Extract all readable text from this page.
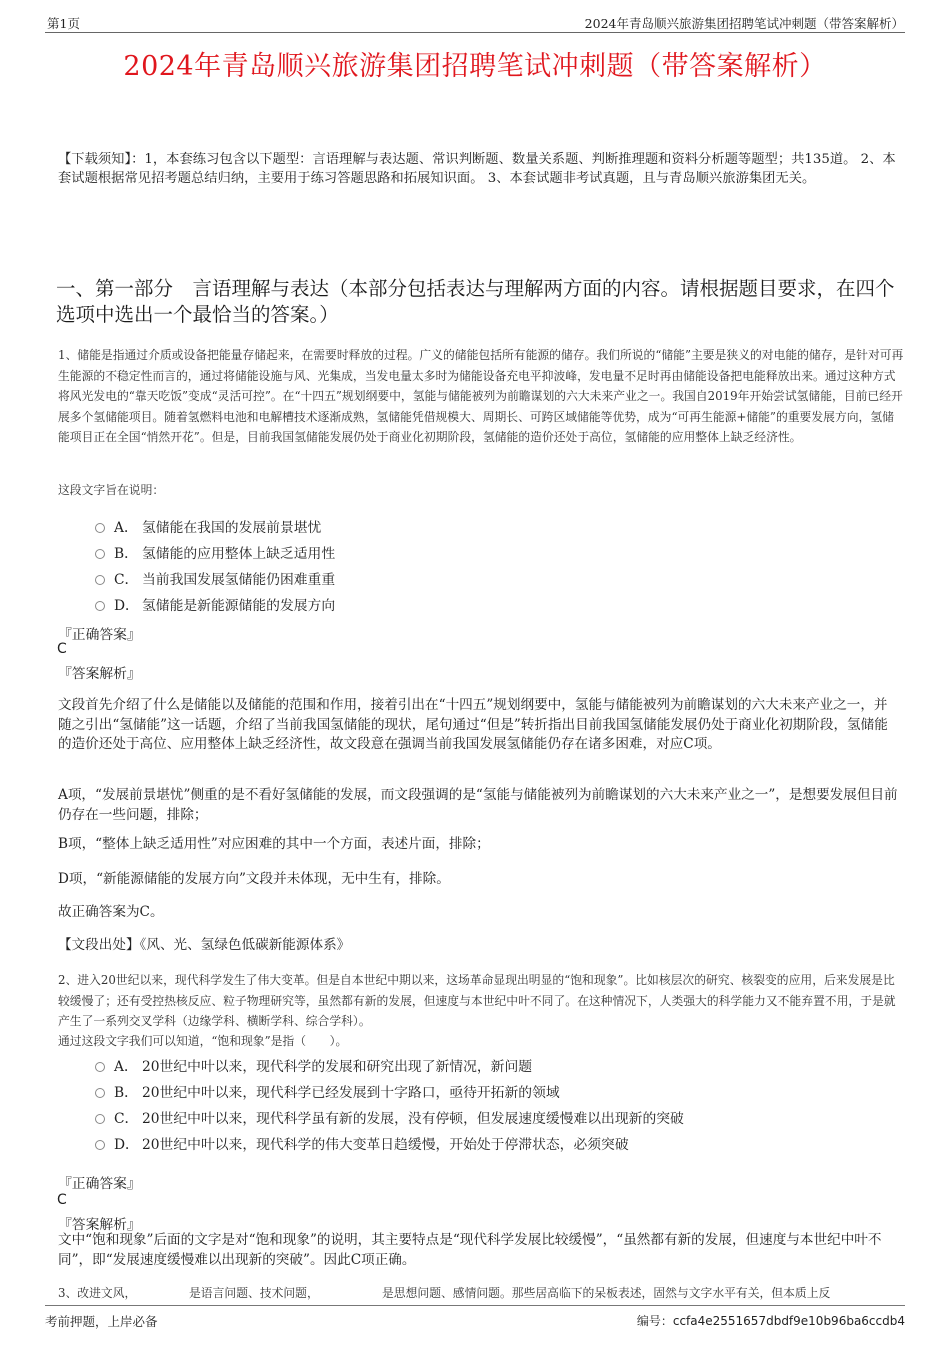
第1页	2024年青岛顺兴旅游集团招聘笔试冲刺题（带答案解析）
2024年青岛顺兴旅游集团招聘笔试冲刺题（带答案解析）
【下载须知】：1，本套练习包含以下题型：言语理解与表达题、常识判断题、数量关系题、判断推理题和资料分析题等题型；共135道。 2、本套试题根据常见招考题总结归纳，主要用于练习答题思路和拓展知识面。 3、本套试题非考试真题，且与青岛顺兴旅游集团无关。
一、第一部分　言语理解与表达（本部分包括表达与理解两方面的内容。请根据题目要求，在四个选项中选出一个最恰当的答案。）
1、储能是指通过介质或设备把能量存储起来，在需要时释放的过程。广义的储能包括所有能源的储存。我们所说的“储能”主要是狭义的对电能的储存，是针对可再生能源的不稳定性而言的，通过将储能设施与风、光集成，当发电量太多时为储能设备充电平抑波峰，发电量不足时再由储能设备把电能释放出来。通过这种方式将风光发电的“靠天吃饭”变成“灵活可控”。在“十四五”规划纲要中，氢能与储能被列为前瞻谋划的六大未来产业之一。我国自2019年开始尝试氢储能，目前已经开展多个氢储能项目。随着氢燃料电池和电解槽技术逐渐成熟，氢储能凭借规模大、周期长、可跨区域储能等优势，成为“可再生能源+储能”的重要发展方向，氢储能项目正在全国“悄然开花”。但是，目前我国氢储能发展仍处于商业化初期阶段，氢储能的造价还处于高位，氢储能的应用整体上缺乏经济性。
这段文字旨在说明：
A． 氢储能在我国的发展前景堪忧
B． 氢储能的应用整体上缺乏适用性
C． 当前我国发展氢储能仍困难重重
D． 氢储能是新能源储能的发展方向
『正确答案』
C
『答案解析』
文段首先介绍了什么是储能以及储能的范围和作用，接着引出在“十四五”规划纲要中，氢能与储能被列为前瞻谋划的六大未来产业之一，并随之引出“氢储能”这一话题，介绍了当前我国氢储能的现状，尾句通过“但是”转折指出目前我国氢储能发展仍处于商业化初期阶段，氢储能的造价还处于高位、应用整体上缺乏经济性，故文段意在强调当前我国发展氢储能仍存在诸多困难，对应C项。
A项，“发展前景堪忧”侧重的是不看好氢储能的发展，而文段强调的是“氢能与储能被列为前瞻谋划的六大未来产业之一”，是想要发展但目前仍存在一些问题，排除；
B项，“整体上缺乏适用性”对应困难的其中一个方面，表述片面，排除；
D项，“新能源储能的发展方向”文段并未体现，无中生有，排除。
故正确答案为C。
【文段出处】《风、光、氢绿色低碳新能源体系》
2、进入20世纪以来，现代科学发生了伟大变革。但是自本世纪中期以来，这场革命显现出明显的“饱和现象”。比如核层次的研究、核裂变的应用，后来发展是比较缓慢了；还有受控热核反应、粒子物理研究等，虽然都有新的发展，但速度与本世纪中叶不同了。在这种情况下，人类强大的科学能力又不能弃置不用，于是就产生了一系列交叉学科（边缘学科、横断学科、综合学科）。
通过这段文字我们可以知道，“饱和现象”是指（　　）。
A． 20世纪中叶以来，现代科学的发展和研究出现了新情况，新问题
B． 20世纪中叶以来，现代科学已经发展到十字路口，亟待开拓新的领域
C． 20世纪中叶以来，现代科学虽有新的发展，没有停顿，但发展速度缓慢难以出现新的突破
D． 20世纪中叶以来，现代科学的伟大变革日趋缓慢，开始处于停滞状态，必须突破
『正确答案』
C
『答案解析』
文中“饱和现象”后面的文字是对“饱和现象”的说明，其主要特点是“现代科学发展比较缓慢”，“虽然都有新的发展，但速度与本世纪中叶不同”，即“发展速度缓慢难以出现新的突破”。因此C项正确。
3、改进文风，	是语言问题、技术问题，	是思想问题、感情问题。那些居高临下的呆板表述，固然与文字水平有关，但本质上反
考前押题，上岸必备	编号：ccfa4e2551657dbdf9e10b96ba6ccdb4
